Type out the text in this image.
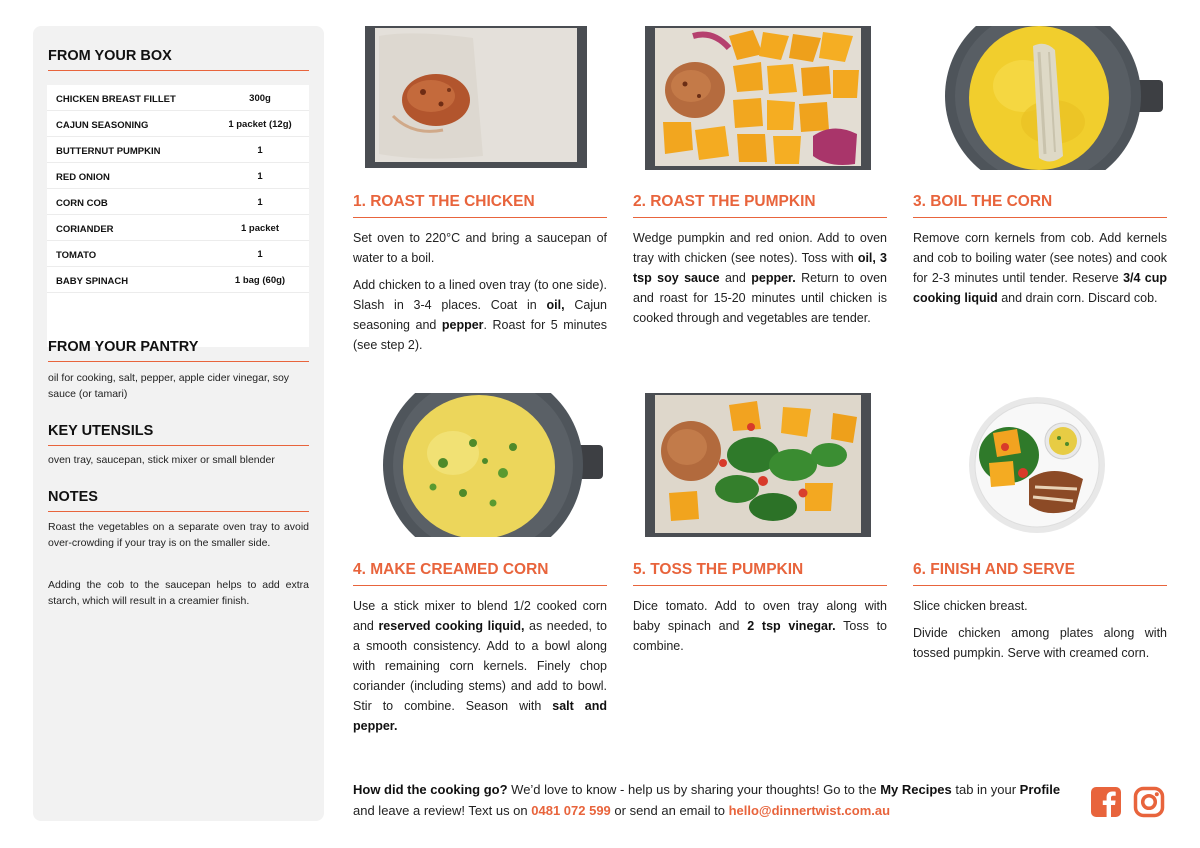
FROM YOUR BOX
CHICKEN BREAST FILLET	300g
CAJUN SEASONING	1 packet (12g)
BUTTERNUT PUMPKIN	1
RED ONION	1
CORN COB	1
CORIANDER	1 packet
TOMATO	1
BABY SPINACH	1 bag (60g)
FROM YOUR PANTRY
oil for cooking, salt, pepper, apple cider vinegar, soy sauce (or tamari)
KEY UTENSILS
oven tray, saucepan, stick mixer or small blender
NOTES
Roast the vegetables on a separate oven tray to avoid over-crowding if your tray is on the smaller side.
Adding the cob to the saucepan helps to add extra starch, which will result in a creamier finish.
1. ROAST THE CHICKEN

Set oven to 220°C and bring a saucepan of water to a boil.

Add chicken to a lined oven tray (to one side). Slash in 3-4 places. Coat in oil, Cajun seasoning and pepper. Roast for 5 minutes (see step 2).

2. ROAST THE PUMPKIN

Wedge pumpkin and red onion. Add to oven tray with chicken (see notes). Toss with oil, 3 tsp soy sauce and pepper. Return to oven and roast for 15-20 minutes until chicken is cooked through and vegetables are tender.

3. BOIL THE CORN

Remove corn kernels from cob. Add kernels and cob to boiling water (see notes) and cook for 2-3 minutes until tender. Reserve 3/4 cup cooking liquid and drain corn. Discard cob.

4. MAKE CREAMED CORN

Use a stick mixer to blend 1/2 cooked corn and reserved cooking liquid, as needed, to a smooth consistency. Add to a bowl along with remaining corn kernels. Finely chop coriander (including stems) and add to bowl. Stir to combine. Season with salt and pepper.

5. TOSS THE PUMPKIN

Dice tomato. Add to oven tray along with baby spinach and 2 tsp vinegar. Toss to combine.

6. FINISH AND SERVE

Slice chicken breast.

Divide chicken among plates along with tossed pumpkin. Serve with creamed corn.

How did the cooking go? We’d love to know - help us by sharing your thoughts! Go to the My Recipes tab in your Profile and leave a review! Text us on 0481 072 599 or send an email to hello@dinnertwist.com.au
